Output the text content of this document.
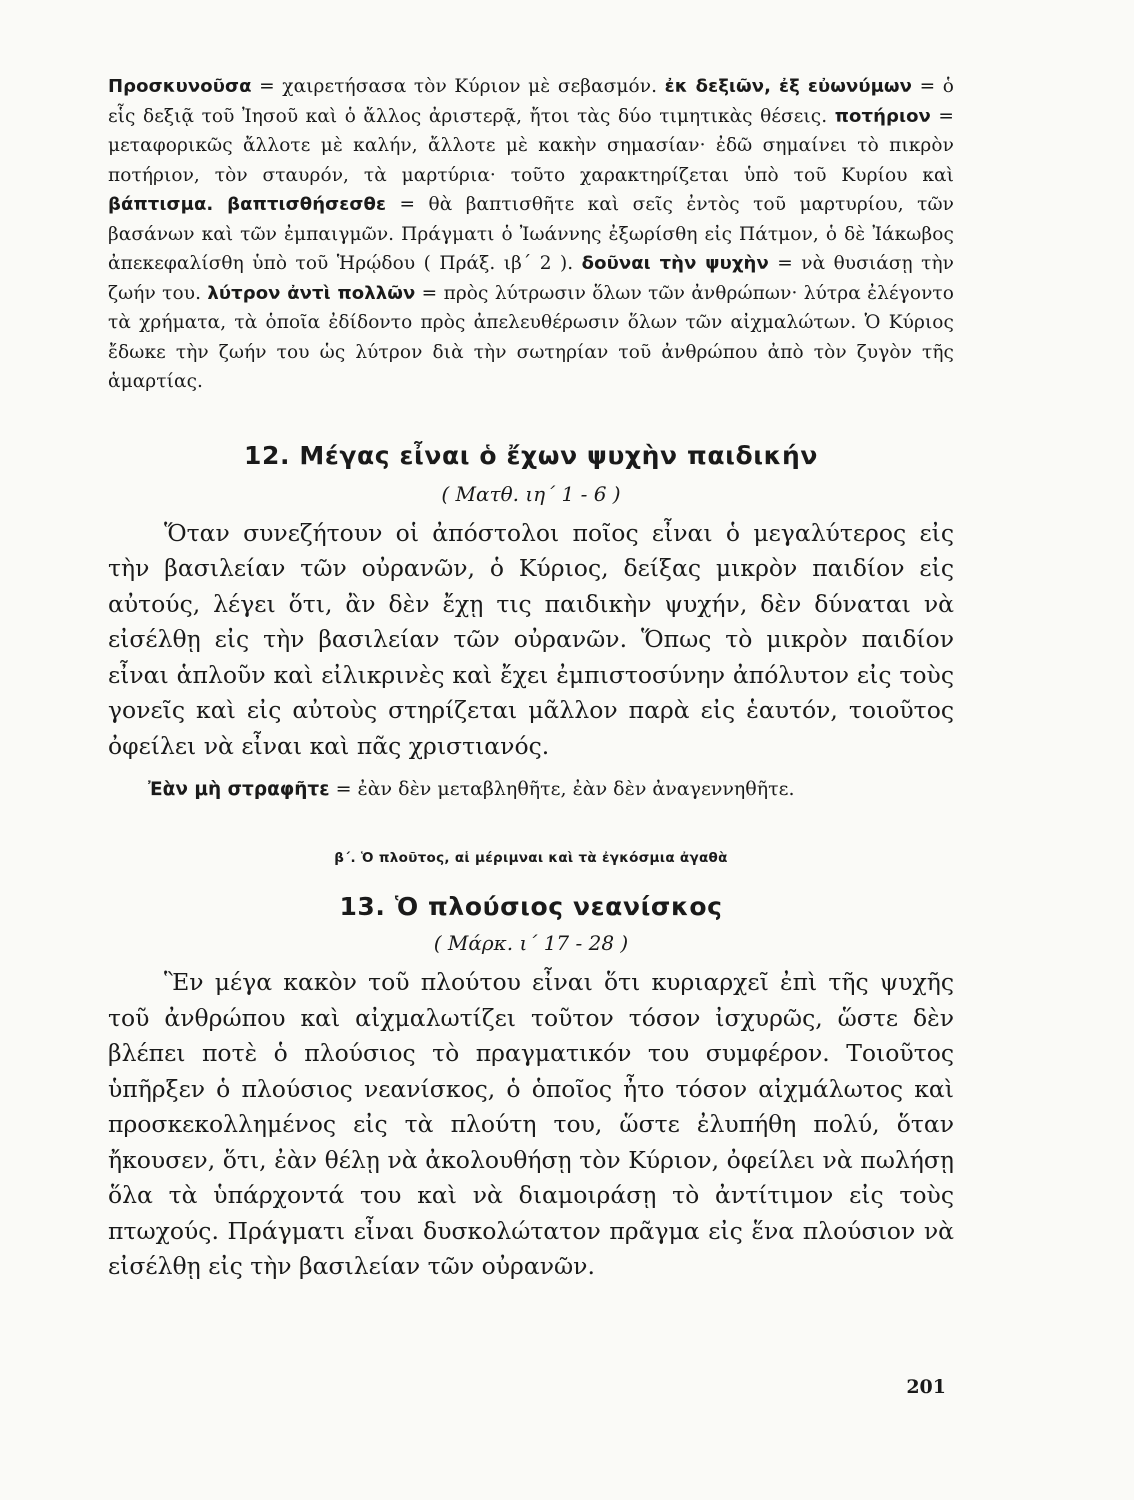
Προσκυνοῦσα = χαιρετήσασα τὸν Κύριον μὲ σεβασμόν. ἐκ δεξιῶν, ἐξ εὐωνύμων = ὁ εἷς δεξιᾷ τοῦ Ἰησοῦ καὶ ὁ ἄλλος ἀριστερᾷ, ἤτοι τὰς δύο τιμητικὰς θέσεις. ποτήριον = μεταφορικῶς ἄλλοτε μὲ καλήν, ἄλλοτε μὲ κακὴν σημασίαν· ἐδῶ σημαίνει τὸ πικρὸν ποτήριον, τὸν σταυρόν, τὰ μαρτύρια· τοῦτο χαρακτηρίζεται ὑπὸ τοῦ Κυρίου καὶ βάπτισμα. βαπτισθήσεσθε = θὰ βαπτισθῆτε καὶ σεῖς ἐντὸς τοῦ μαρτυρίου, τῶν βασάνων καὶ τῶν ἐμπαιγμῶν. Πράγματι ὁ Ἰωάννης ἐξωρίσθη εἰς Πάτμον, ὁ δὲ Ἰάκωβος ἀπεκεφαλίσθη ὑπὸ τοῦ Ἡρῴδου ( Πράξ. ιβ΄ 2 ). δοῦναι τὴν ψυχὴν = νὰ θυσιάσῃ τὴν ζωήν του. λύτρον ἀντὶ πολλῶν = πρὸς λύτρωσιν ὅλων τῶν ἀνθρώπων· λύτρα ἐλέγοντο τὰ χρήματα, τὰ ὁποῖα ἐδίδοντο πρὸς ἀπελευθέρωσιν ὅλων τῶν αἰχμαλώτων. Ὁ Κύριος ἔδωκε τὴν ζωήν του ὡς λύτρον διὰ τὴν σωτηρίαν τοῦ ἀνθρώπου ἀπὸ τὸν ζυγὸν τῆς ἁμαρτίας.

12. Μέγας εἶναι ὁ ἔχων ψυχὴν παιδικήν

( Ματθ. ιη΄ 1 - 6 )

Ὅταν συνεζήτουν οἱ ἀπόστολοι ποῖος εἶναι ὁ μεγαλύτερος εἰς τὴν βασιλείαν τῶν οὐρανῶν, ὁ Κύριος, δείξας μικρὸν παιδίον εἰς αὐτούς, λέγει ὅτι, ἂν δὲν ἔχῃ τις παιδικὴν ψυχήν, δὲν δύναται νὰ εἰσέλθῃ εἰς τὴν βασιλείαν τῶν οὐρανῶν. Ὅπως τὸ μικρὸν παιδίον εἶναι ἁπλοῦν καὶ εἰλικρινὲς καὶ ἔχει ἐμπιστοσύνην ἀπόλυτον εἰς τοὺς γονεῖς καὶ εἰς αὐτοὺς στηρίζεται μᾶλλον παρὰ εἰς ἑαυτόν, τοιοῦτος ὀφείλει νὰ εἶναι καὶ πᾶς χριστιανός.

Ἐὰν μὴ στραφῆτε = ἐὰν δὲν μεταβληθῆτε, ἐὰν δὲν ἀναγεννηθῆτε.

β΄. Ὁ πλοῦτος, αἱ μέριμναι καὶ τὰ ἐγκόσμια ἀγαθὰ

13. Ὁ πλούσιος νεανίσκος

( Μάρκ. ι΄ 17 - 28 )

Ἓν μέγα κακὸν τοῦ πλούτου εἶναι ὅτι κυριαρχεῖ ἐπὶ τῆς ψυχῆς τοῦ ἀνθρώπου καὶ αἰχμαλωτίζει τοῦτον τόσον ἰσχυρῶς, ὥστε δὲν βλέπει ποτὲ ὁ πλούσιος τὸ πραγματικόν του συμφέρον. Τοιοῦτος ὑπῆρξεν ὁ πλούσιος νεανίσκος, ὁ ὁποῖος ἦτο τόσον αἰχμάλωτος καὶ προσκεκολλημένος εἰς τὰ πλούτη του, ὥστε ἐλυπήθη πολύ, ὅταν ἤκουσεν, ὅτι, ἐὰν θέλῃ νὰ ἀκολουθήσῃ τὸν Κύριον, ὀφείλει νὰ πωλήσῃ ὅλα τὰ ὑπάρχοντά του καὶ νὰ διαμοιράσῃ τὸ ἀντίτιμον εἰς τοὺς πτωχούς. Πράγματι εἶναι δυσκολώτατον πρᾶγμα εἰς ἕνα πλούσιον νὰ εἰσέλθῃ εἰς τὴν βασιλείαν τῶν οὐρανῶν.

201
